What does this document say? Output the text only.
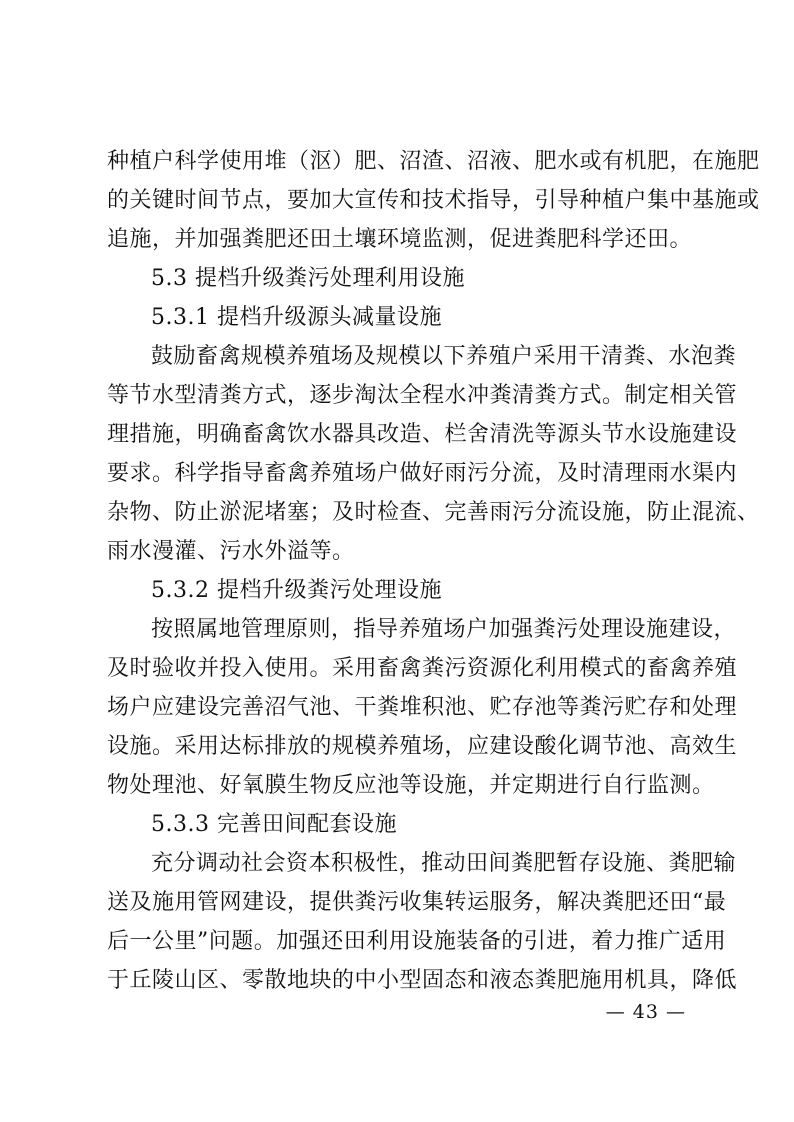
种植户科学使用堆（沤）肥、沼渣、沼液、肥水或有机肥，在施肥
的关键时间节点，要加大宣传和技术指导，引导种植户集中基施或
追施，并加强粪肥还田土壤环境监测，促进粪肥科学还田。
5.3 提档升级粪污处理利用设施
5.3.1 提档升级源头减量设施
鼓励畜禽规模养殖场及规模以下养殖户采用干清粪、水泡粪
等节水型清粪方式，逐步淘汰全程水冲粪清粪方式。制定相关管
理措施，明确畜禽饮水器具改造、栏舍清洗等源头节水设施建设
要求。科学指导畜禽养殖场户做好雨污分流，及时清理雨水渠内
杂物、防止淤泥堵塞；及时检查、完善雨污分流设施，防止混流、
雨水漫灌、污水外溢等。
5.3.2 提档升级粪污处理设施
按照属地管理原则，指导养殖场户加强粪污处理设施建设，
及时验收并投入使用。采用畜禽粪污资源化利用模式的畜禽养殖
场户应建设完善沼气池、干粪堆积池、贮存池等粪污贮存和处理
设施。采用达标排放的规模养殖场，应建设酸化调节池、高效生
物处理池、好氧膜生物反应池等设施，并定期进行自行监测。
5.3.3 完善田间配套设施
充分调动社会资本积极性，推动田间粪肥暂存设施、粪肥输
送及施用管网建设，提供粪污收集转运服务，解决粪肥还田“最
后一公里”问题。加强还田利用设施装备的引进，着力推广适用
于丘陵山区、零散地块的中小型固态和液态粪肥施用机具，降低
— 43 —
